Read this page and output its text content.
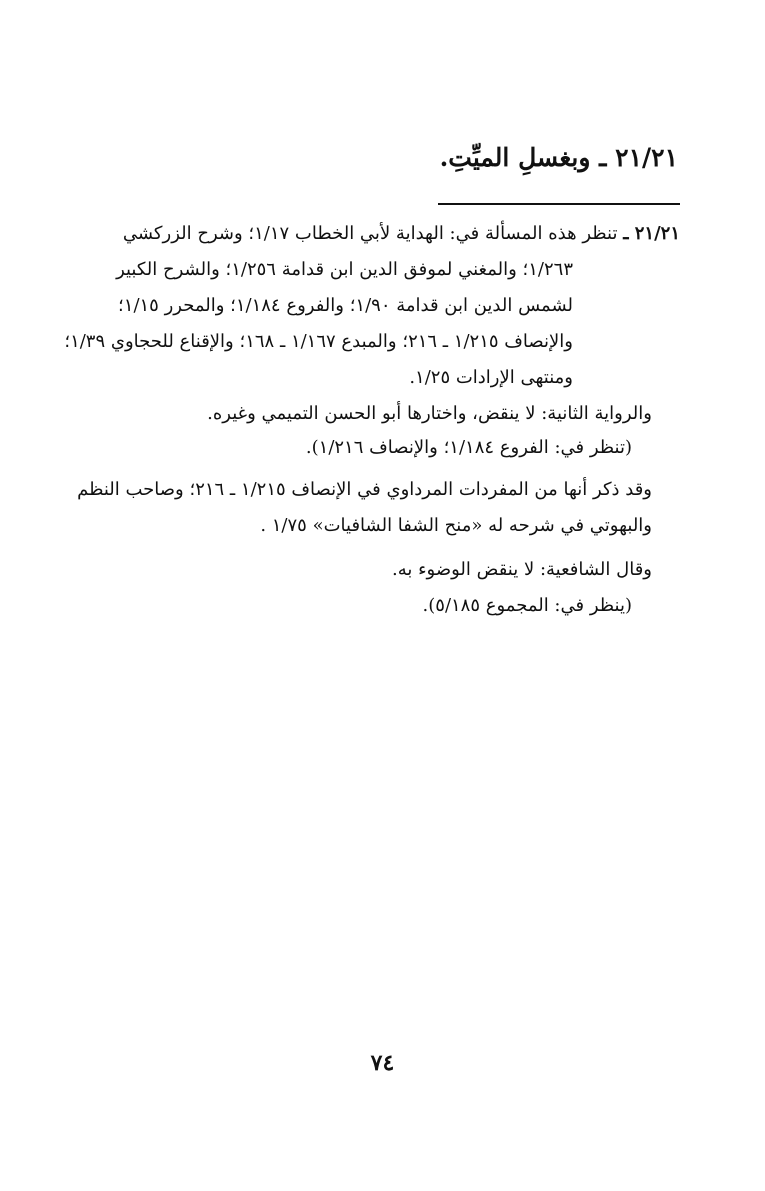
٢١/٢١ ـ وبغسلِ الميِّتِ.
٢١/٢١ ـ تنظر هذه المسألة في: الهداية لأبي الخطاب ١/١٧؛ وشرح الزركشي
١/٢٦٣؛ والمغني لموفق الدين ابن قدامة ١/٢٥٦؛ والشرح الكبير لشمس الدين ابن قدامة ١/٩٠؛ والفروع ١/١٨٤؛ والمحرر ١/١٥؛ والإنصاف ١/٢١٥ ـ ٢١٦؛ والمبدع ١/١٦٧ ـ ١٦٨؛ والإقناع للحجاوي ١/٣٩؛ ومنتهى الإرادات ١/٢٥.
والرواية الثانية: لا ينقض، واختارها أبو الحسن التميمي وغيره.
(تنظر في: الفروع ١/١٨٤؛ والإنصاف ١/٢١٦).
وقد ذكر أنها من المفردات المرداوي في الإنصاف ١/٢١٥ ـ ٢١٦؛ وصاحب النظم والبهوتي في شرحه له «منح الشفا الشافيات» ١/٧٥ .
وقال الشافعية: لا ينقض الوضوء به.
(ينظر في: المجموع ٥/١٨٥).
٧٤
